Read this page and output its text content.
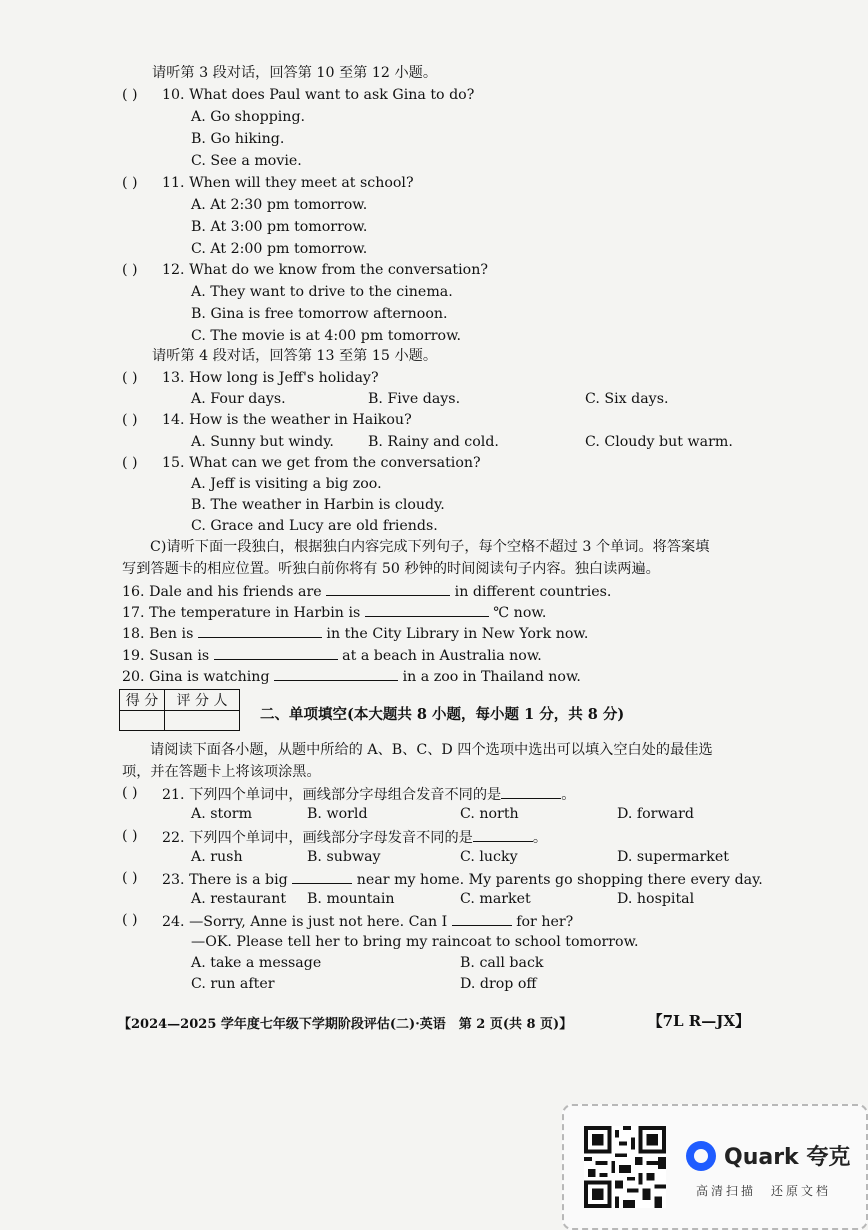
请听第 3 段对话，回答第 10 至第 12 小题。
( ) 10. What does Paul want to ask Gina to do?
A. Go shopping.
B. Go hiking.
C. See a movie.
( ) 11. When will they meet at school?
A. At 2:30 pm tomorrow.
B. At 3:00 pm tomorrow.
C. At 2:00 pm tomorrow.
( ) 12. What do we know from the conversation?
A. They want to drive to the cinema.
B. Gina is free tomorrow afternoon.
C. The movie is at 4:00 pm tomorrow.
请听第 4 段对话，回答第 13 至第 15 小题。
( ) 13. How long is Jeff's holiday?
A. Four days.	B. Five days.	C. Six days.
( ) 14. How is the weather in Haikou?
A. Sunny but windy. B. Rainy and cold.	C. Cloudy but warm.
( ) 15. What can we get from the conversation?
A. Jeff is visiting a big zoo.
B. The weather in Harbin is cloudy.
C. Grace and Lucy are old friends.
C)请听下面一段独白，根据独白内容完成下列句子，每个空格不超过 3 个单词。将答案填
写到答题卡的相应位置。听独白前你将有 50 秒钟的时间阅读句子内容。独白读两遍。
16. Dale and his friends are	in different countries.
17. The temperature in Harbin is	℃ now.
18. Ben is	in the City Library in New York now.
19. Susan is	at a beach in Australia now.
20. Gina is watching	in a zoo in Thailand now.
得 分	评 分 人

二、单项填空(本大题共 8 小题，每小题 1 分，共 8 分)
请阅读下面各小题，从题中所给的 A、B、C、D 四个选项中选出可以填入空白处的最佳选
项，并在答题卡上将该项涂黑。
( ) 21. 下列四个单词中，画线部分字母组合发音不同的是	。
A. storm	B. world	C. north	D. forward
( ) 22. 下列四个单词中，画线部分字母发音不同的是	。
A. rush	B. subway	C. lucky	D. supermarket
( ) 23. There is a big	near my home. My parents go shopping there every day.
A. restaurant B. mountain	C. market	D. hospital
( ) 24. —Sorry, Anne is just not here. Can I	for her?
—OK. Please tell her to bring my raincoat to school tomorrow.
A. take a message	B. call back
C. run after	D. drop off
【2024—2025 学年度七年级下学期阶段评估(二)·英语　第 2 页(共 8 页)】	【7L R—JX】
Quark 夸克
高清扫描　还原文档
